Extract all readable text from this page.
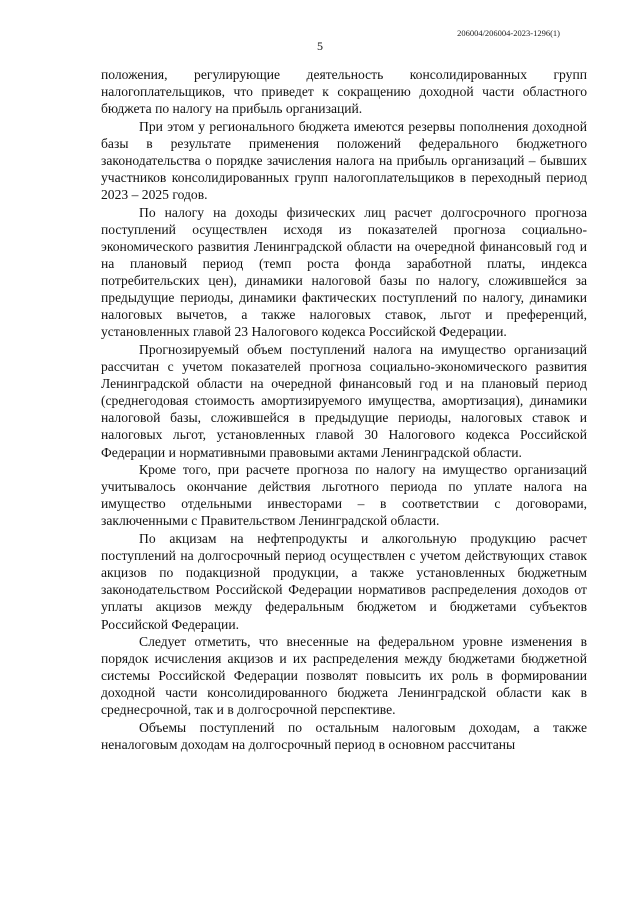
206004/206004-2023-1296(1)
5

положения, регулирующие деятельность консолидированных групп налогоплательщиков, что приведет к сокращению доходной части областного бюджета по налогу на прибыль организаций.

При этом у регионального бюджета имеются резервы пополнения доходной базы в результате применения положений федерального бюджетного законодательства о порядке зачисления налога на прибыль организаций – бывших участников консолидированных групп налогоплательщиков в переходный период 2023 – 2025 годов.

По налогу на доходы физических лиц расчет долгосрочного прогноза поступлений осуществлен исходя из показателей прогноза социально-экономического развития Ленинградской области на очередной финансовый год и на плановый период (темп роста фонда заработной платы, индекса потребительских цен), динамики налоговой базы по налогу, сложившейся за предыдущие периоды, динамики фактических поступлений по налогу, динамики налоговых вычетов, а также налоговых ставок, льгот и преференций, установленных главой 23 Налогового кодекса Российской Федерации.

Прогнозируемый объем поступлений налога на имущество организаций рассчитан с учетом показателей прогноза социально-экономического развития Ленинградской области на очередной финансовый год и на плановый период (среднегодовая стоимость амортизируемого имущества, амортизация), динамики налоговой базы, сложившейся в предыдущие периоды, налоговых ставок и налоговых льгот, установленных главой 30 Налогового кодекса Российской Федерации и нормативными правовыми актами Ленинградской области.

Кроме того, при расчете прогноза по налогу на имущество организаций учитывалось окончание действия льготного периода по уплате налога на имущество отдельными инвесторами – в соответствии с договорами, заключенными с Правительством Ленинградской области.

По акцизам на нефтепродукты и алкогольную продукцию расчет поступлений на долгосрочный период осуществлен с учетом действующих ставок акцизов по подакцизной продукции, а также установленных бюджетным законодательством Российской Федерации нормативов распределения доходов от уплаты акцизов между федеральным бюджетом и бюджетами субъектов Российской Федерации.

Следует отметить, что внесенные на федеральном уровне изменения в порядок исчисления акцизов и их распределения между бюджетами бюджетной системы Российской Федерации позволят повысить их роль в формировании доходной части консолидированного бюджета Ленинградской области как в среднесрочной, так и в долгосрочной перспективе.

Объемы поступлений по остальным налоговым доходам, а также неналоговым доходам на долгосрочный период в основном рассчитаны
